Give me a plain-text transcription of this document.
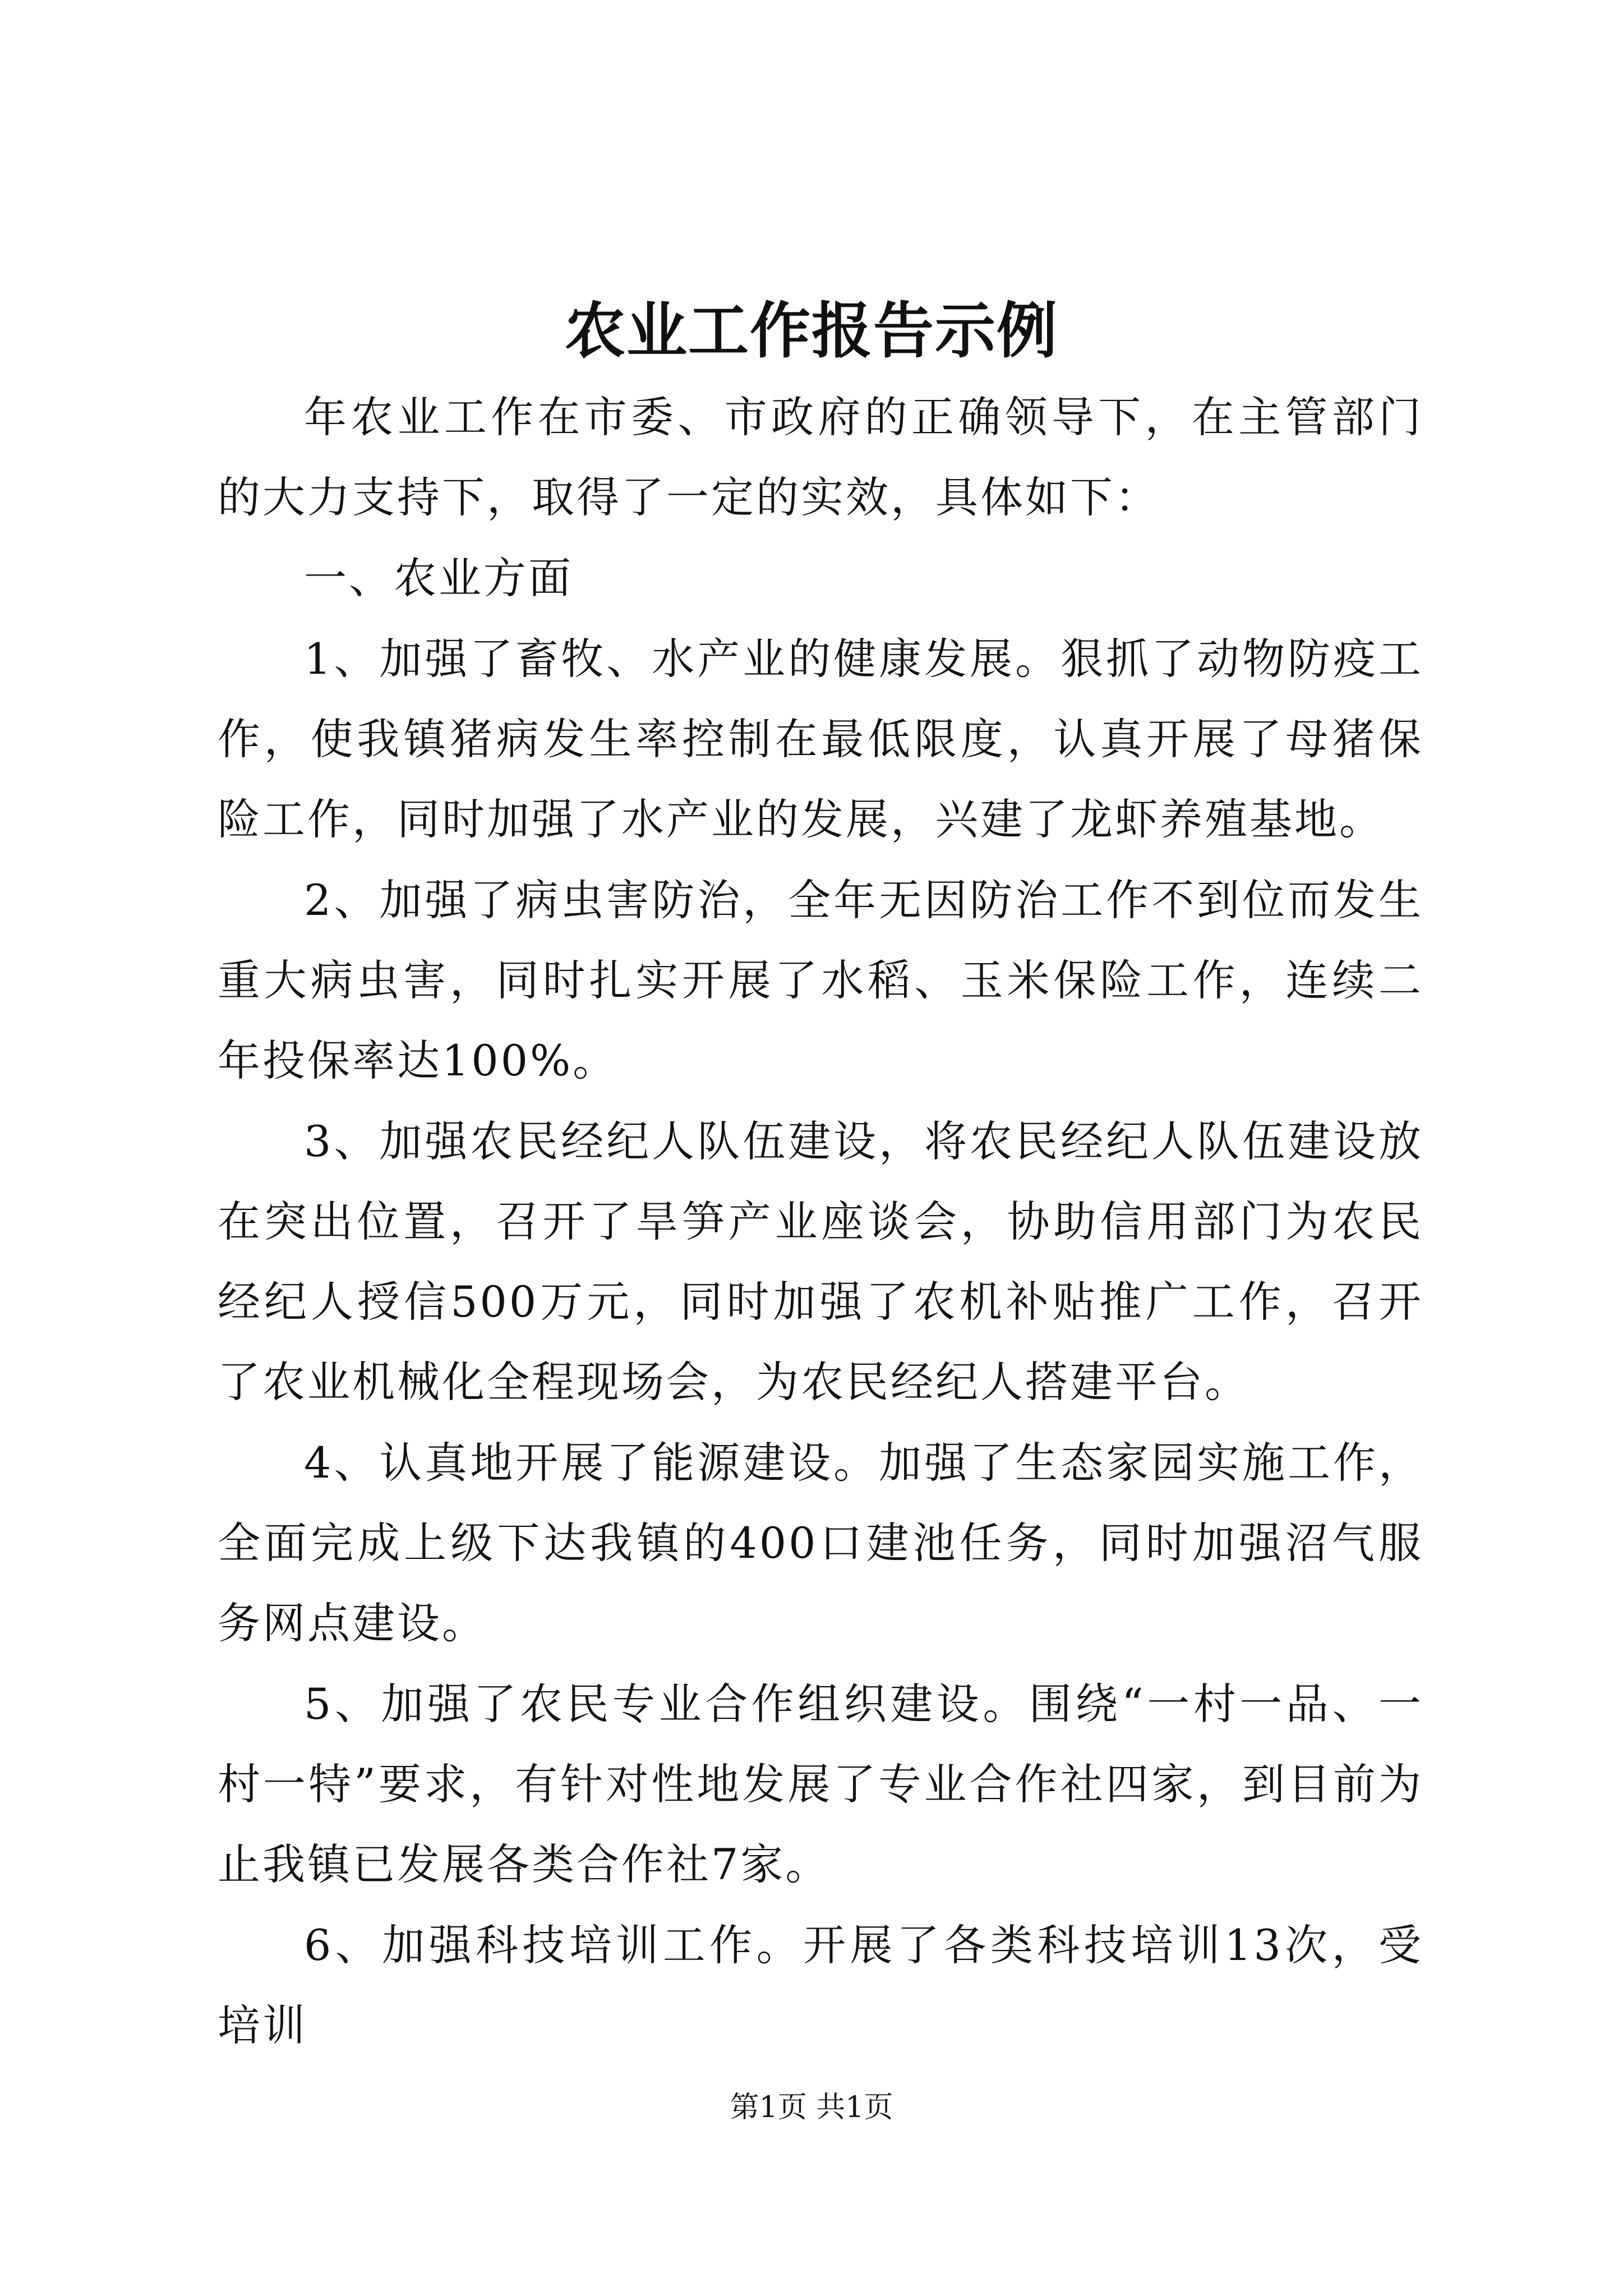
农业工作报告示例

年农业工作在市委、市政府的正确领导下，在主管部门的大力支持下，取得了一定的实效，具体如下：

一、农业方面

1、加强了畜牧、水产业的健康发展。狠抓了动物防疫工作，使我镇猪病发生率控制在最低限度，认真开展了母猪保险工作，同时加强了水产业的发展，兴建了龙虾养殖基地。

2、加强了病虫害防治，全年无因防治工作不到位而发生重大病虫害，同时扎实开展了水稻、玉米保险工作，连续二年投保率达100%。

3、加强农民经纪人队伍建设，将农民经纪人队伍建设放在突出位置，召开了旱笋产业座谈会，协助信用部门为农民经纪人授信500万元，同时加强了农机补贴推广工作，召开了农业机械化全程现场会，为农民经纪人搭建平台。

4、认真地开展了能源建设。加强了生态家园实施工作，全面完成上级下达我镇的400口建池任务，同时加强沼气服务网点建设。

5、加强了农民专业合作组织建设。围绕“一村一品、一村一特”要求，有针对性地发展了专业合作社四家，到目前为止我镇已发展各类合作社7家。

6、加强科技培训工作。开展了各类科技培训13次，受培训

第1页 共1页
